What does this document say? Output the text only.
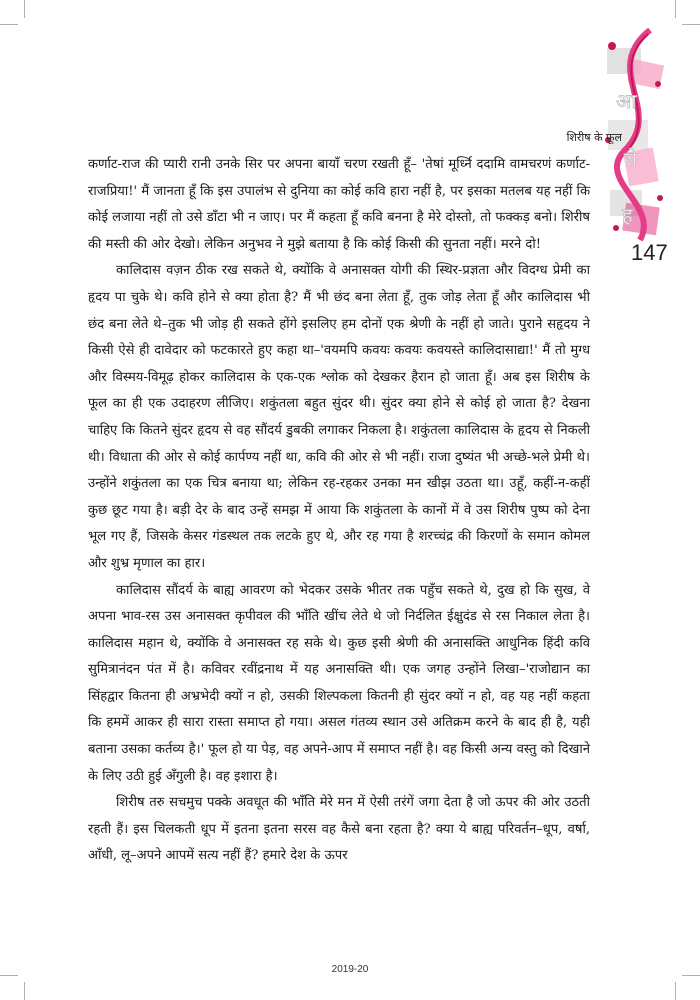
आ
रो
ह
शिरीष के फूल
147

कर्णाट-राज की प्यारी रानी उनके सिर पर अपना बायाँ चरण रखती हूँ– 'तेषां मूर्ध्नि ददामि वामचरणं कर्णाट-राजप्रिया!' मैं जानता हूँ कि इस उपालंभ से दुनिया का कोई कवि हारा नहीं है, पर इसका मतलब यह नहीं कि कोई लजाया नहीं तो उसे डाँटा भी न जाए। पर मैं कहता हूँ कवि बनना है मेरे दोस्तो, तो फक्कड़ बनो। शिरीष की मस्ती की ओर देखो। लेकिन अनुभव ने मुझे बताया है कि कोई किसी की सुनता नहीं। मरने दो!

कालिदास वज़न ठीक रख सकते थे, क्योंकि वे अनासक्त योगी की स्थिर-प्रज्ञता और विदग्ध प्रेमी का हृदय पा चुके थे। कवि होने से क्या होता है? मैं भी छंद बना लेता हूँ, तुक जोड़ लेता हूँ और कालिदास भी छंद बना लेते थे–तुक भी जोड़ ही सकते होंगे इसलिए हम दोनों एक श्रेणी के नहीं हो जाते। पुराने सहृदय ने किसी ऐसे ही दावेदार को फटकारते हुए कहा था–'वयमपि कवयः कवयः कवयस्ते कालिदासाद्या!' मैं तो मुग्ध और विस्मय-विमूढ़ होकर कालिदास के एक-एक श्लोक को देखकर हैरान हो जाता हूँ। अब इस शिरीष के फूल का ही एक उदाहरण लीजिए। शकुंतला बहुत सुंदर थी। सुंदर क्या होने से कोई हो जाता है? देखना चाहिए कि कितने सुंदर हृदय से वह सौंदर्य डुबकी लगाकर निकला है। शकुंतला कालिदास के हृदय से निकली थी। विधाता की ओर से कोई कार्पण्य नहीं था, कवि की ओर से भी नहीं। राजा दुष्यंत भी अच्छे-भले प्रेमी थे। उन्होंने शकुंतला का एक चित्र बनाया था; लेकिन रह-रहकर उनका मन खीझ उठता था। उहूँ, कहीं-न-कहीं कुछ छूट गया है। बड़ी देर के बाद उन्हें समझ में आया कि शकुंतला के कानों में वे उस शिरीष पुष्प को देना भूल गए हैं, जिसके केसर गंडस्थल तक लटके हुए थे, और रह गया है शरच्चंद्र की किरणों के समान कोमल और शुभ्र मृणाल का हार।

कालिदास सौंदर्य के बाह्य आवरण को भेदकर उसके भीतर तक पहुँच सकते थे, दुख हो कि सुख, वे अपना भाव-रस उस अनासक्त कृपीवल की भाँति खींच लेते थे जो निर्दलित ईक्षुदंड से रस निकाल लेता है। कालिदास महान थे, क्योंकि वे अनासक्त रह सके थे। कुछ इसी श्रेणी की अनासक्ति आधुनिक हिंदी कवि सुमित्रानंदन पंत में है। कविवर रवींद्रनाथ में यह अनासक्ति थी। एक जगह उन्होंने लिखा–'राजोद्यान का सिंहद्वार कितना ही अभ्रभेदी क्यों न हो, उसकी शिल्पकला कितनी ही सुंदर क्यों न हो, वह यह नहीं कहता कि हममें आकर ही सारा रास्ता समाप्त हो गया। असल गंतव्य स्थान उसे अतिक्रम करने के बाद ही है, यही बताना उसका कर्तव्य है।' फूल हो या पेड़, वह अपने-आप में समाप्त नहीं है। वह किसी अन्य वस्तु को दिखाने के लिए उठी हुई अँगुली है। वह इशारा है।

शिरीष तरु सचमुच पक्के अवधूत की भाँति मेरे मन में ऐसी तरंगें जगा देता है जो ऊपर की ओर उठती रहती हैं। इस चिलकती धूप में इतना इतना सरस वह कैसे बना रहता है? क्या ये बाह्य परिवर्तन–धूप, वर्षा, आँधी, लू–अपने आपमें सत्य नहीं हैं? हमारे देश के ऊपर

2019-20
